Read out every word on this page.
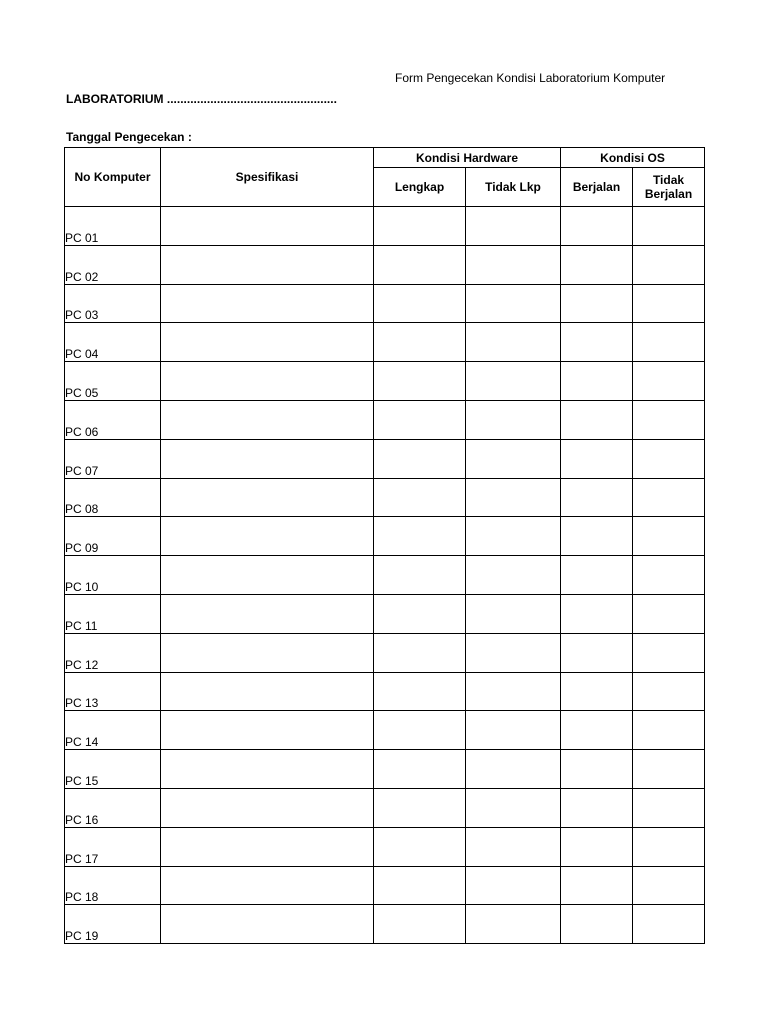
Form Pengecekan Kondisi Laboratorium Komputer
LABORATORIUM ...................................................
Tanggal Pengecekan :
No Komputer	Spesifikasi	Kondisi Hardware		Kondisi OS	
		Lengkap	Tidak Lkp	Berjalan	Tidak
Berjalan
PC 01					
PC 02					
PC 03					
PC 04					
PC 05					
PC 06					
PC 07					
PC 08					
PC 09					
PC 10					
PC 11					
PC 12					
PC 13					
PC 14					
PC 15					
PC 16					
PC 17					
PC 18					
PC 19					
